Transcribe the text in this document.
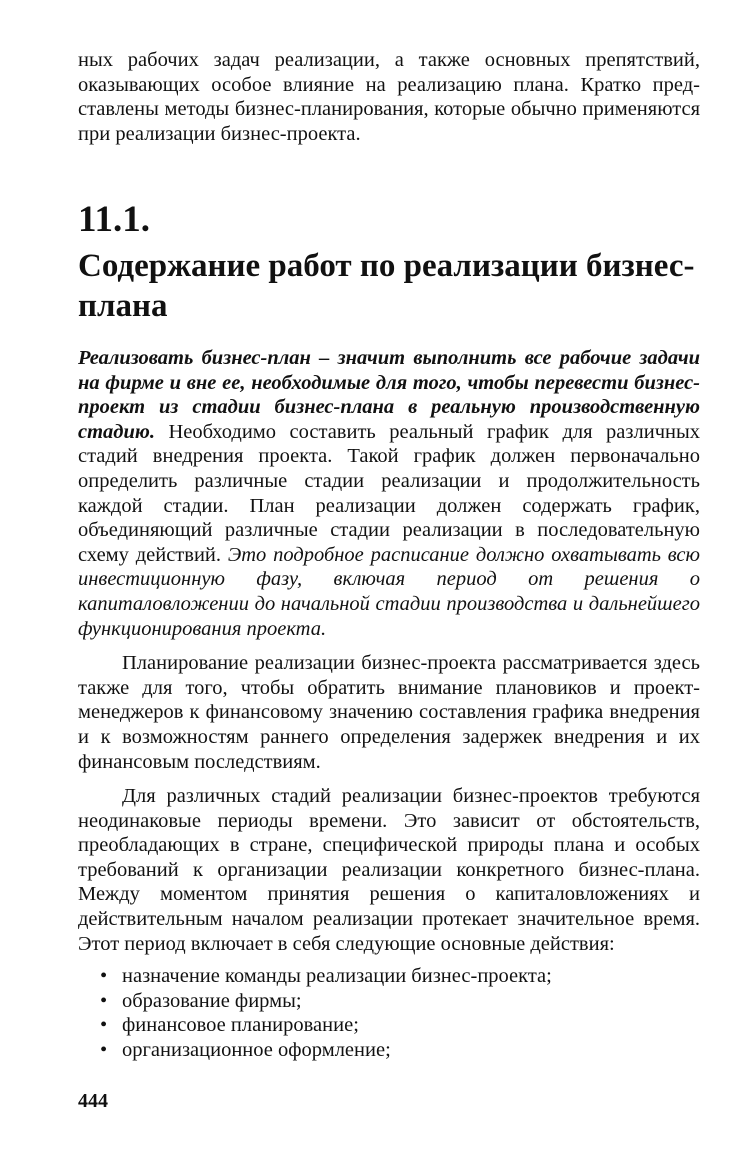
ных рабочих задач реализации, а также основных препятствий, оказывающих особое влияние на реализацию плана. Кратко представлены методы бизнес-планирования, которые обычно применяются при реализации бизнес-проекта.
11.1.
Содержание работ по реализации бизнес-плана

Реализовать бизнес-план – значит выполнить все рабочие задачи на фирме и вне ее, необходимые для того, чтобы перевести бизнес-проект из стадии бизнес-плана в реальную производственную стадию. Необходимо составить реальный график для различных стадий внедрения проекта. Такой график должен первоначально определить различные стадии реализации и продолжительность каждой стадии. План реализации должен содержать график, объединяющий различные стадии реализации в последовательную схему действий. Это подробное расписание должно охватывать всю инвестиционную фазу, включая период от решения о капиталовложении до начальной стадии производства и дальнейшего функционирования проекта.

Планирование реализации бизнес-проекта рассматривается здесь также для того, чтобы обратить внимание плановиков и проект-менеджеров к финансовому значению составления графика внедрения и к возможностям раннего определения задержек внедрения и их финансовым последствиям.

Для различных стадий реализации бизнес-проектов требуются неодинаковые периоды времени. Это зависит от обстоятельств, преобладающих в стране, специфической природы плана и особых требований к организации реализации конкретного бизнес-плана. Между моментом принятия решения о капиталовложениях и действительным началом реализации протекает значительное время. Этот период включает в себя следующие основные действия:

• назначение команды реализации бизнес-проекта;
• образование фирмы;
• финансовое планирование;
• организационное оформление;
444
